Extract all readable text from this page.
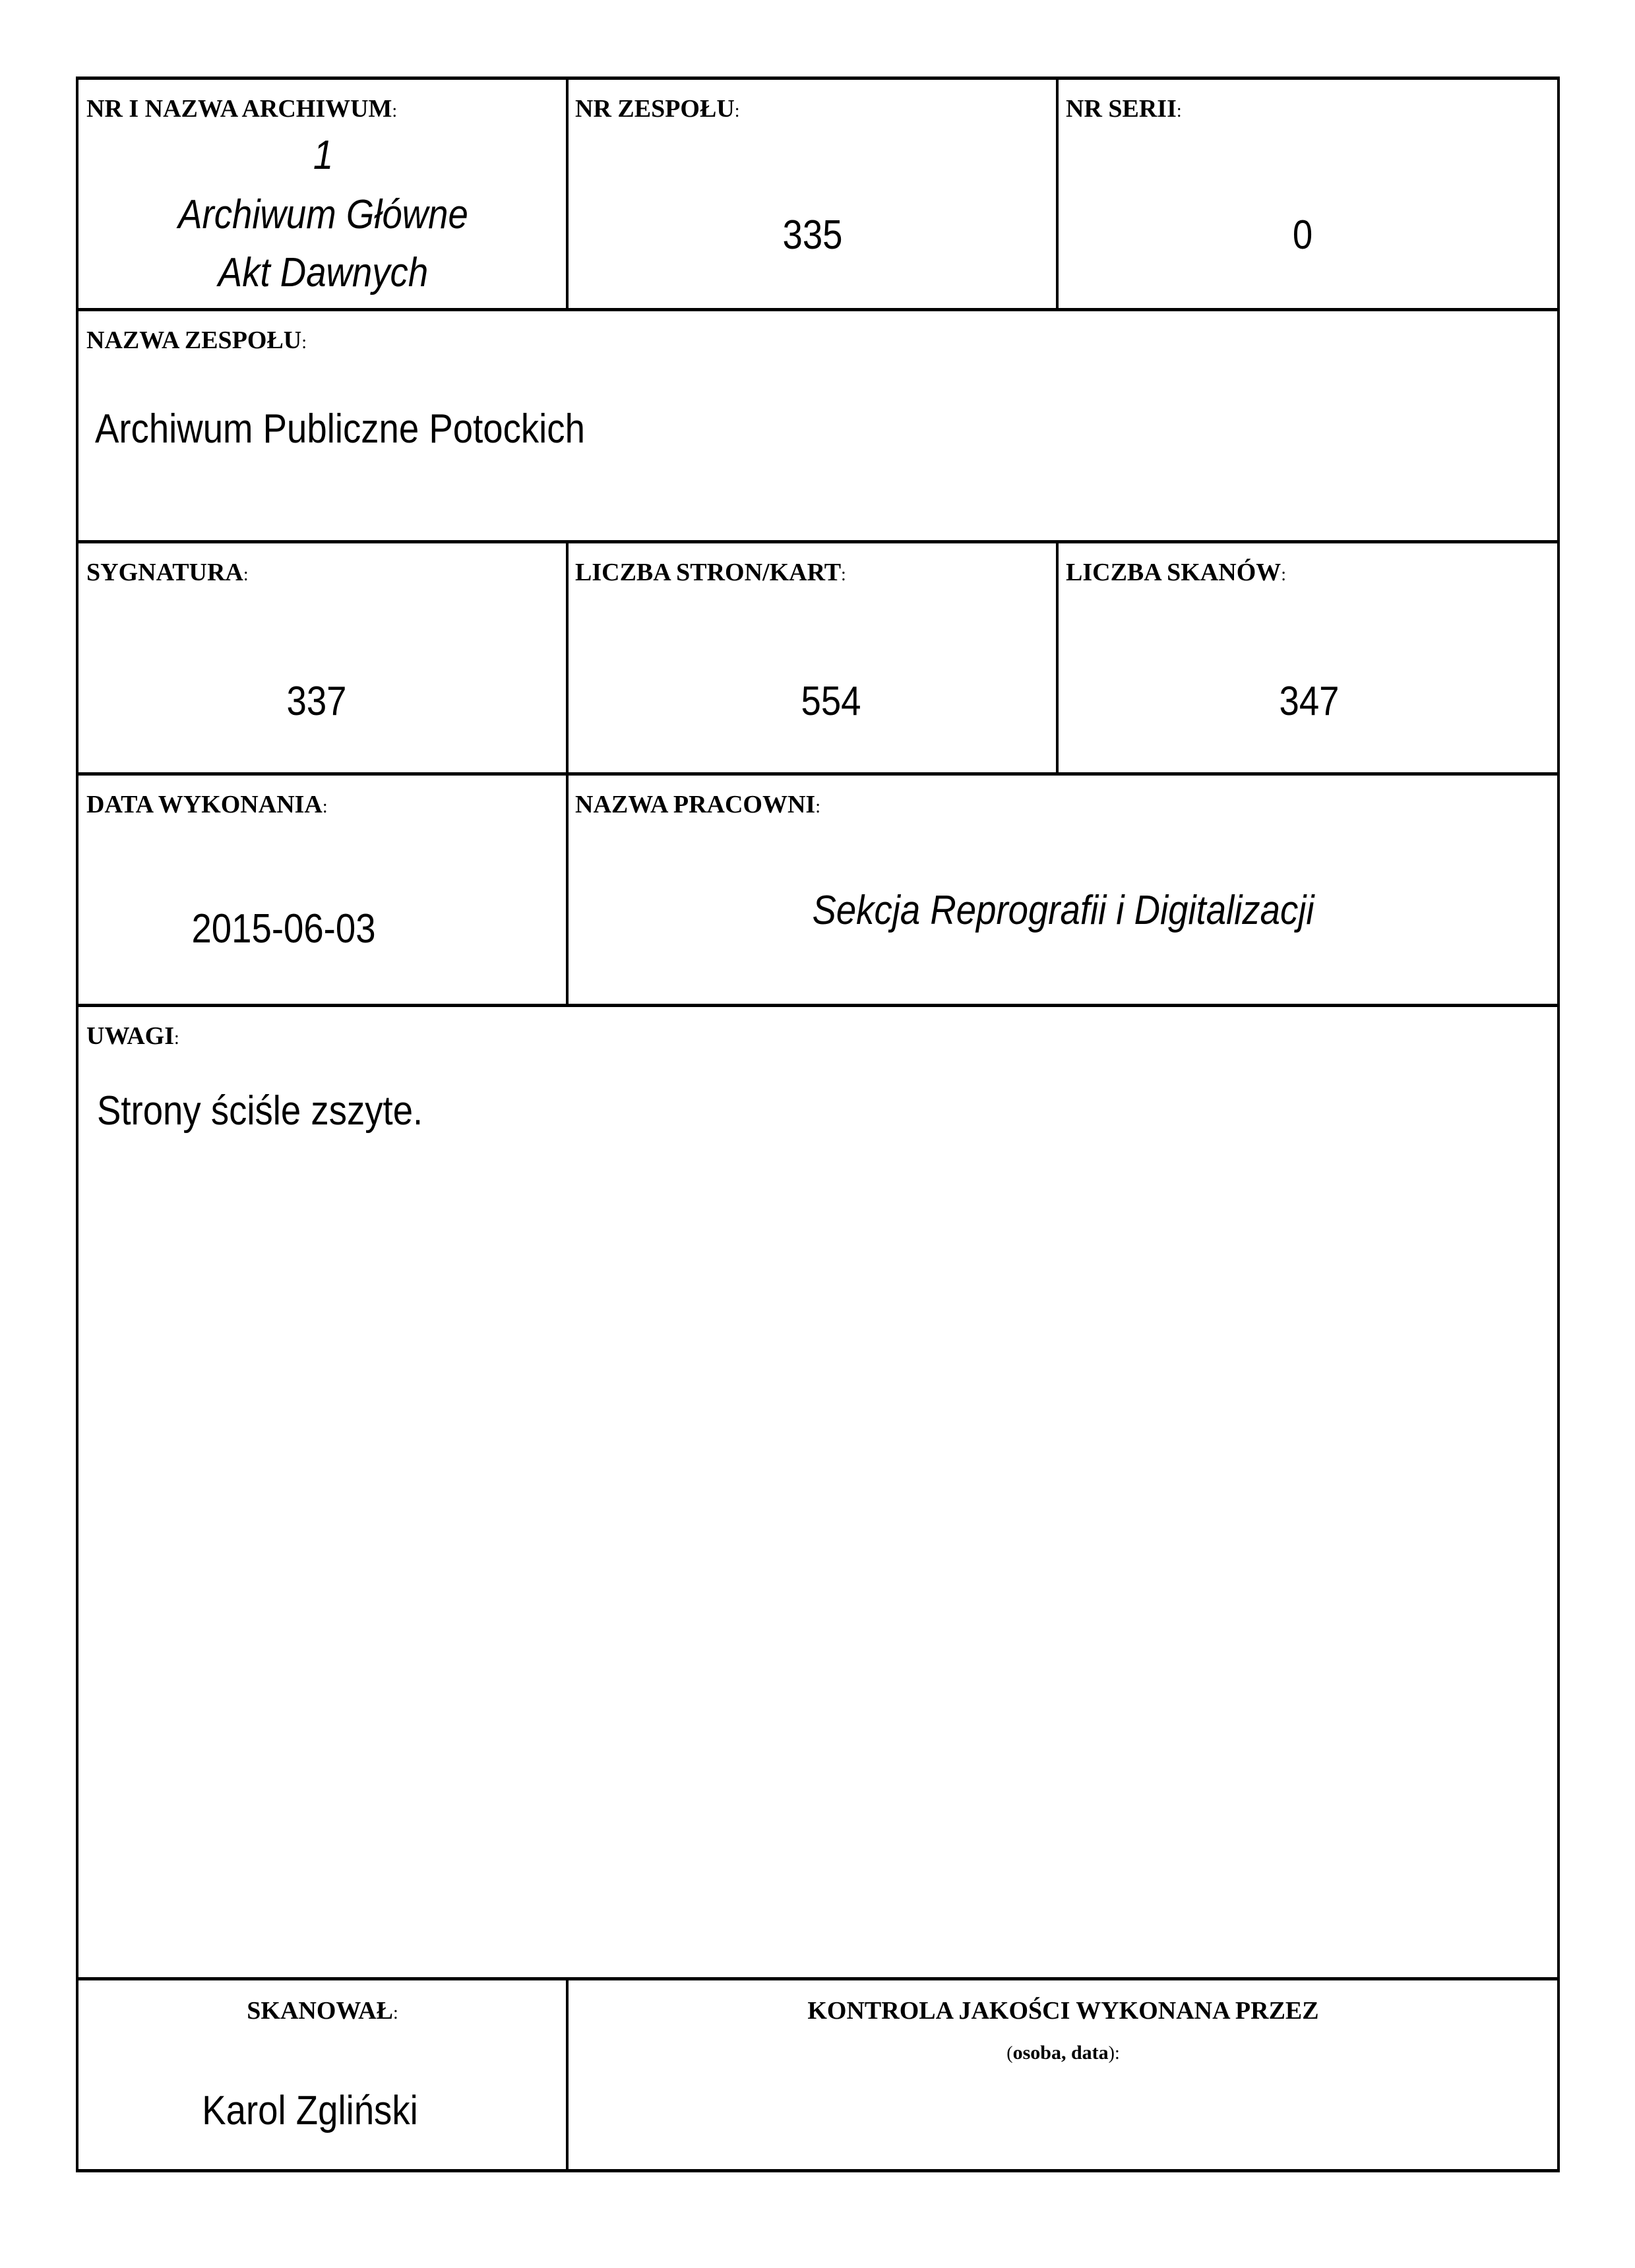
NR I NAZWA ARCHIWUM:
1
Archiwum Główne
Akt Dawnych
NR ZESPOŁU:
335
NR SERII:
0
NAZWA ZESPOŁU:
Archiwum Publiczne Potockich
SYGNATURA:
337
LICZBA STRON/KART:
554
LICZBA SKANÓW:
347
DATA WYKONANIA:
2015-06-03
NAZWA PRACOWNI:
Sekcja Reprografii i Digitalizacji
UWAGI:
Strony ściśle zszyte.
SKANOWAŁ:
Karol Zgliński
KONTROLA JAKOŚCI WYKONANA PRZEZ
(osoba, data):
